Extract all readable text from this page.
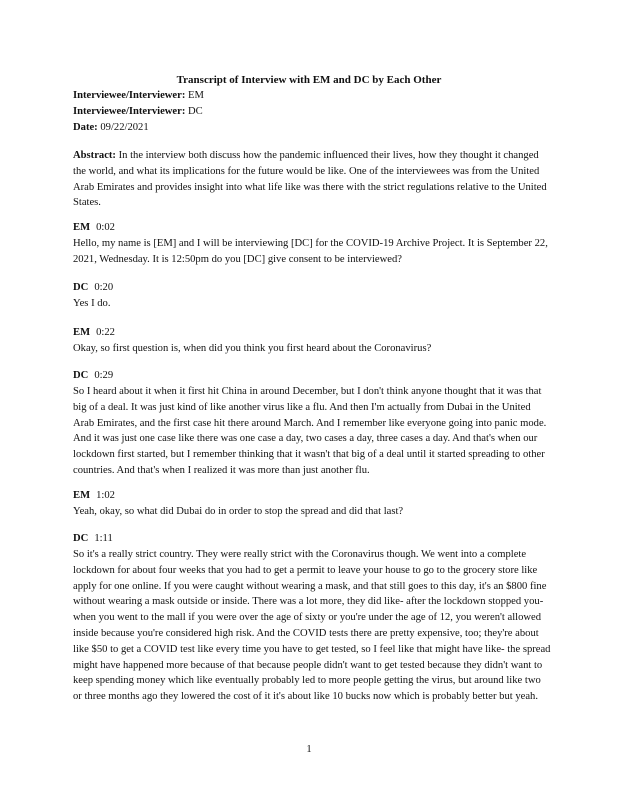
Transcript of Interview with EM and DC by Each Other
Interviewee/Interviewer: EM
Interviewee/Interviewer: DC
Date: 09/22/2021
Abstract: In the interview both discuss how the pandemic influenced their lives, how they thought it changed the world, and what its implications for the future would be like. One of the interviewees was from the United Arab Emirates and provides insight into what life like was there with the strict regulations relative to the United States.
EM 0:02

Hello, my name is [EM] and I will be interviewing [DC] for the COVID-19 Archive Project. It is September 22, 2021, Wednesday. It is 12:50pm do you [DC] give consent to be interviewed?

DC 0:20

Yes I do.

EM 0:22

Okay, so first question is, when did you think you first heard about the Coronavirus?

DC 0:29

So I heard about it when it first hit China in around December, but I don't think anyone thought that it was that big of a deal. It was just kind of like another virus like a flu. And then I'm actually from Dubai in the United Arab Emirates, and the first case hit there around March. And I remember like everyone going into panic mode. And it was just one case like there was one case a day, two cases a day, three cases a day. And that's when our lockdown first started, but I remember thinking that it wasn't that big of a deal until it started spreading to other countries. And that's when I realized it was more than just another flu.

EM 1:02

Yeah, okay, so what did Dubai do in order to stop the spread and did that last?

DC 1:11

So it's a really strict country. They were really strict with the Coronavirus though. We went into a complete lockdown for about four weeks that you had to get a permit to leave your house to go to the grocery store like apply for one online. If you were caught without wearing a mask, and that still goes to this day, it's an $800 fine without wearing a mask outside or inside. There was a lot more, they did like- after the lockdown stopped you- when you went to the mall if you were over the age of sixty or you're under the age of 12, you weren't allowed inside because you're considered high risk. And the COVID tests there are pretty expensive, too; they're about like $50 to get a COVID test like every time you have to get tested, so I feel like that might have like- the spread might have happened more because of that because people didn't want to get tested because they didn't want to keep spending money which like eventually probably led to more people getting the virus, but around like two or three months ago they lowered the cost of it it's about like 10 bucks now which is probably better but yeah.

1
